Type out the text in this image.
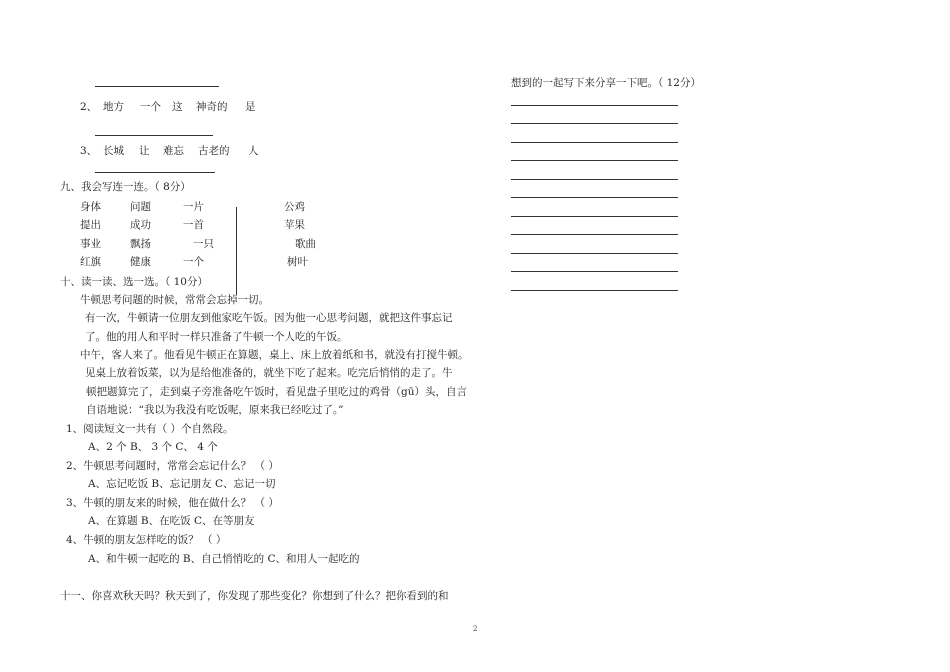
2、 地方 一个 这 神奇的 是
3、 长城 让 难忘 古老的 人
九、我会写连一连。（ 8分）
身体
提出
事业
红旗
问题
成功
飘扬
健康
一片
一首
一只
一个
公鸡
苹果
歌曲
树叶
十、读一读、选一选。（ 10分）
牛顿思考问题的时候，常常会忘掉一切。
有一次，牛顿请一位朋友到他家吃午饭。因为他一心思考问题，就把这件事忘记
了。他的用人和平时一样只准备了牛顿一个人吃的午饭。
中午，客人来了。他看见牛顿正在算题，桌上、床上放着纸和书，就没有打搅牛顿。
见桌上放着饭菜，以为是给他准备的，就坐下吃了起来。吃完后悄悄的走了。牛
顿把题算完了，走到桌子旁准备吃午饭时，看见盘子里吃过的鸡骨（gū）头，自言
自语地说：“我以为我没有吃饭呢，原来我已经吃过了。”
1、阅读短文一共有（ ）个自然段。
A、2 个 B、 3 个 C、 4 个
2、牛顿思考问题时，常常会忘记什么？ （ ）
A、忘记吃饭 B、忘记朋友 C、忘记一切
3、牛顿的朋友来的时候，他在做什么？ （ ）
A、在算题 B、在吃饭 C、在等朋友
4、牛顿的朋友怎样吃的饭？ （ ）
A、和牛顿一起吃的 B、自己悄悄吃的 C、和用人一起吃的
十一、你喜欢秋天吗？秋天到了，你发现了那些变化？你想到了什么？把你看到的和
2
想到的一起写下来分享一下吧。（ 12分）
